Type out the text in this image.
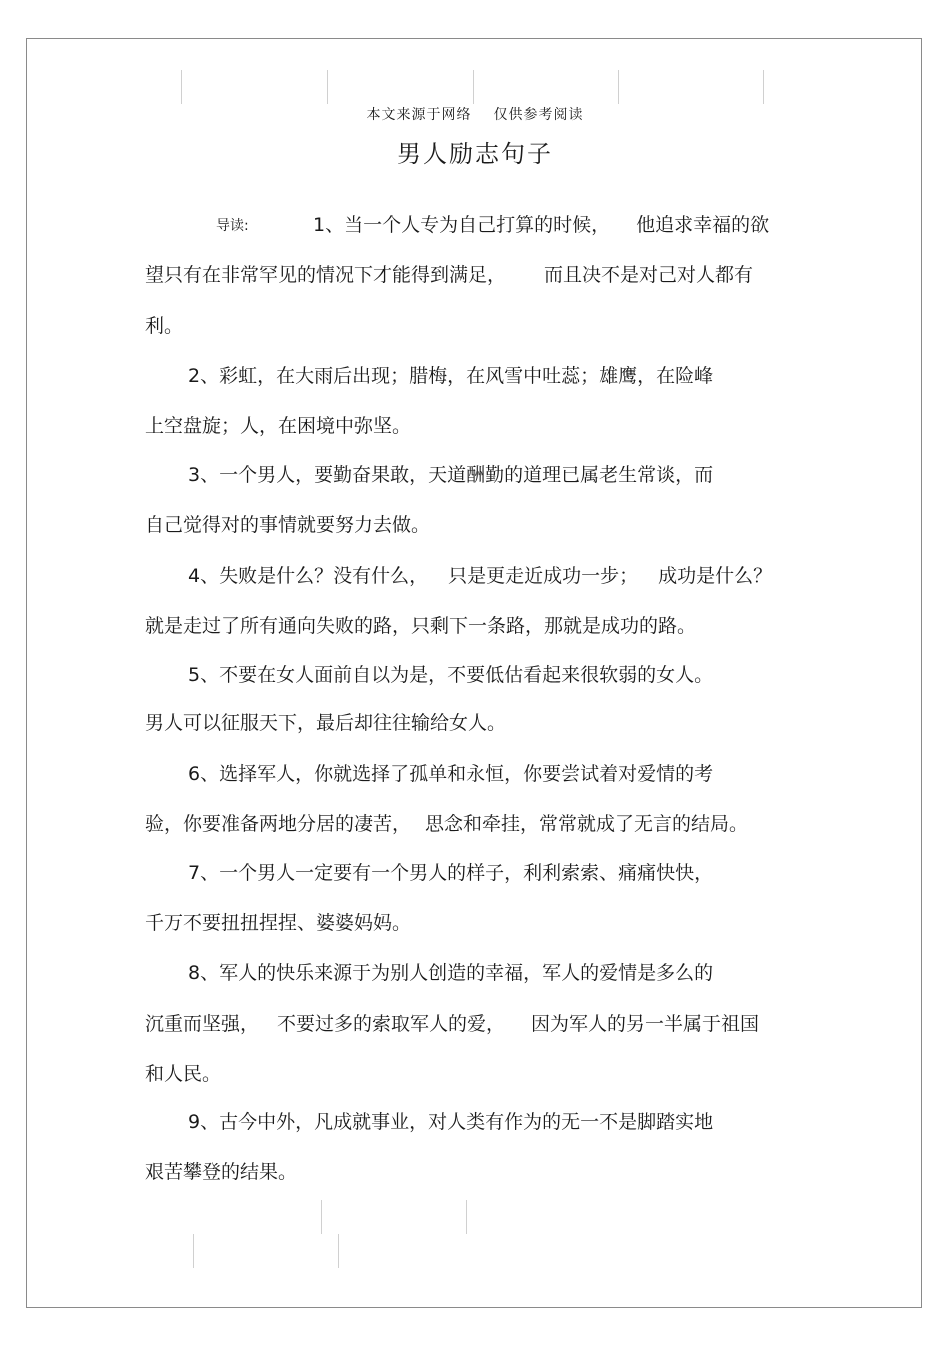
本文来源于网络 仅供参考阅读
男人励志句子
导读:	1、当一个人专为自己打算的时候， 他追求幸福的欲
望只有在非常罕见的情况下才能得到满足， 而且决不是对己对人都有
利。
2、彩虹，在大雨后出现；腊梅，在风雪中吐蕊；雄鹰，在险峰
上空盘旋；人，在困境中弥坚。
3、一个男人，要勤奋果敢，天道酬勤的道理已属老生常谈，而
自己觉得对的事情就要努力去做。
4、失败是什么？没有什么， 只是更走近成功一步； 成功是什么？
就是走过了所有通向失败的路，只剩下一条路，那就是成功的路。
5、不要在女人面前自以为是，不要低估看起来很软弱的女人。
男人可以征服天下，最后却往往输给女人。
6、选择军人，你就选择了孤单和永恒，你要尝试着对爱情的考
验，你要准备两地分居的凄苦， 思念和牵挂，常常就成了无言的结局。
7、一个男人一定要有一个男人的样子，利利索索、痛痛快快，
千万不要扭扭捏捏、婆婆妈妈。
8、军人的快乐来源于为别人创造的幸福，军人的爱情是多么的
沉重而坚强， 不要过多的索取军人的爱， 因为军人的另一半属于祖国
和人民。
9、古今中外，凡成就事业，对人类有作为的无一不是脚踏实地
艰苦攀登的结果。
